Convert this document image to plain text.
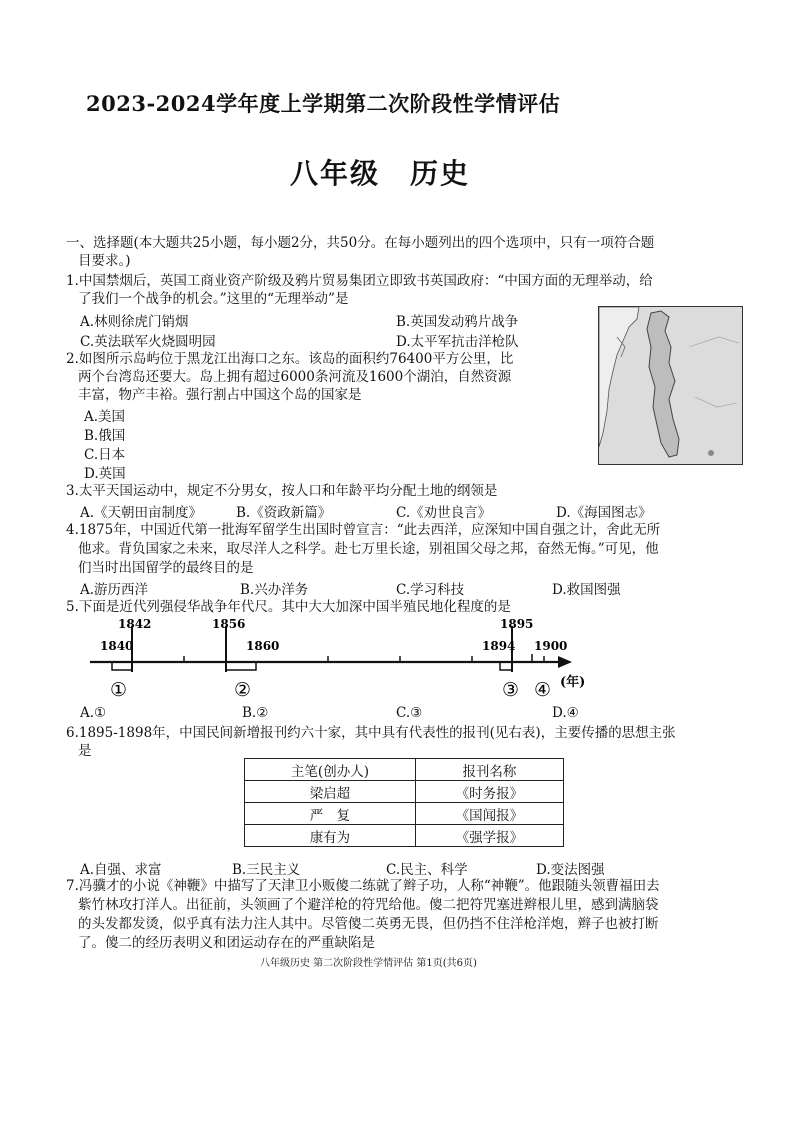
2023-2024学年度上学期第二次阶段性学情评估
八年级　历史
一、选择题(本大题共25小题，每小题2分，共50分。在每小题列出的四个选项中，只有一项符合题
目要求。)
1.中国禁烟后，英国工商业资产阶级及鸦片贸易集团立即致书英国政府：“中国方面的无理举动，给
了我们一个战争的机会。”这里的“无理举动”是
A.林则徐虎门销烟	B.英国发动鸦片战争
C.英法联军火烧圆明园	D.太平军抗击洋枪队
2.如图所示岛屿位于黑龙江出海口之东。该岛的面积约76400平方公里，比
两个台湾岛还要大。岛上拥有超过6000条河流及1600个湖泊，自然资源
丰富，物产丰裕。强行割占中国这个岛的国家是
A.美国
B.俄国
C.日本
D.英国
3.太平天国运动中，规定不分男女，按人口和年龄平均分配土地的纲领是
A.《天朝田亩制度》	B.《资政新篇》	C.《劝世良言》	D.《海国图志》
4.1875年，中国近代第一批海军留学生出国时曾宣言：“此去西洋，应深知中国自强之计，舍此无所
他求。背负国家之未来，取尽洋人之科学。赴七万里长途，别祖国父母之邦，奋然无悔。”可见，他
们当时出国留学的最终目的是
A.游历西洋	B.兴办洋务	C.学习科技	D.救国图强
5.下面是近代列强侵华战争年代尺。其中大大加深中国半殖民地化程度的是
1840
1842	1856
1860	1894
1895
1900
①	②	③ ④ (年)
A.①	B.②	C.③	D.④
6.1895-1898年，中国民间新增报刊约六十家，其中具有代表性的报刊(见右表)，主要传播的思想主张
是
主笔(创办人)	报刊名称
梁启超	《时务报》
严　复	《国闻报》
康有为	《强学报》
A.自强、求富	B.三民主义	C.民主、科学	D.变法图强
7.冯骥才的小说《神鞭》中描写了天津卫小贩傻二练就了辫子功，人称“神鞭”。他跟随头领曹福田去
紫竹林攻打洋人。出征前，头领画了个避洋枪的符咒给他。傻二把符咒塞进辫根儿里，感到满脑袋
的头发都发烫，似乎真有法力注人其中。尽管傻二英勇无畏，但仍挡不住洋枪洋炮，辫子也被打断
了。傻二的经历表明义和团运动存在的严重缺陷是
八年级历史 第二次阶段性学情评估 第1页(共6页)
